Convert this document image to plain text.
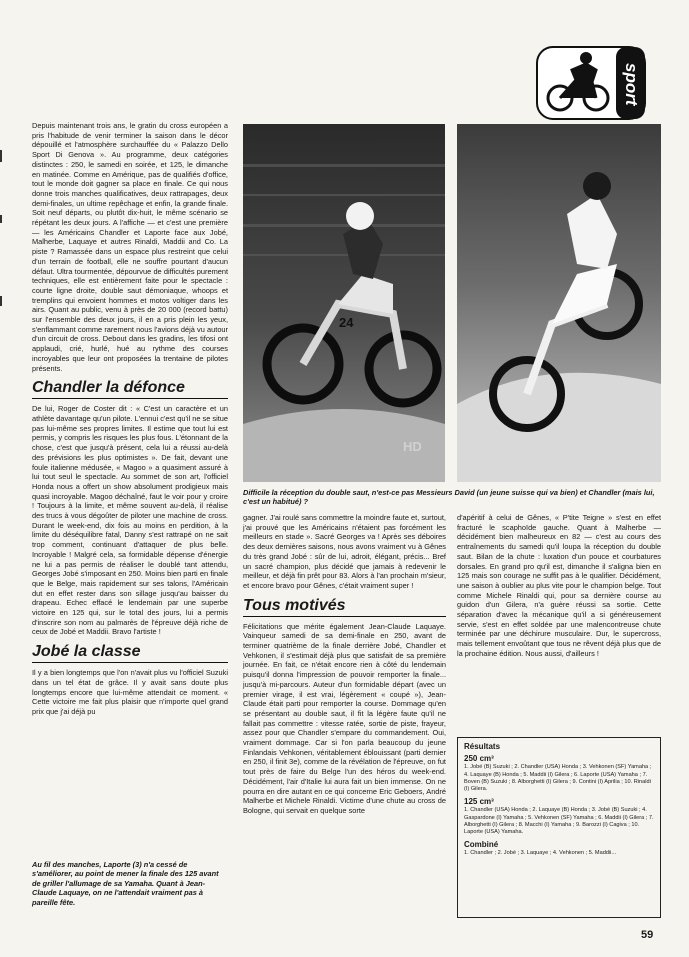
sport

Depuis maintenant trois ans, le gratin du cross européen a pris l'habitude de venir terminer la saison dans le décor dépouillé et l'atmosphère surchauffée du « Palazzo Dello Sport Di Genova ». Au programme, deux catégories distinctes : 250, le samedi en soirée, et 125, le dimanche en matinée. Comme en Amérique, pas de qualifiés d'office, tout le monde doit gagner sa place en finale. Ce qui nous donne trois manches qualificatives, deux rattrapages, deux demi-finales, un ultime repêchage et enfin, la grande finale. Soit neuf départs, ou plutôt dix-huit, le même scénario se répétant les deux jours. A l'affiche — et c'est une première — les Américains Chandler et Laporte face aux Jobé, Malherbe, Laquaye et autres Rinaldi, Maddii and Co. La piste ? Ramassée dans un espace plus restreint que celui d'un terrain de football, elle ne souffre pourtant d'aucun défaut. Ultra tourmentée, dépourvue de difficultés purement techniques, elle est entièrement faite pour le spectacle : courte ligne droite, double saut démoniaque, whoops et tremplins qui envoient hommes et motos voltiger dans les airs. Quant au public, venu à près de 20 000 (record battu) sur l'ensemble des deux jours, il en a pris plein les yeux, s'enflammant comme rarement nous l'avions déjà vu autour d'un circuit de cross. Debout dans les gradins, les tifosi ont applaudi, crié, hurlé, hué au rythme des courses incroyables que leur ont proposées la trentaine de pilotes présents.

Chandler la défonce

De lui, Roger de Coster dit : « C'est un caractère et un athlète davantage qu'un pilote. L'ennui c'est qu'il ne se situe pas lui-même ses propres limites. Il estime que tout lui est permis, y compris les risques les plus fous. L'étonnant de la chose, c'est que jusqu'à présent, cela lui a réussi au-delà des prévisions les plus optimistes ». De fait, devant une foule italienne médusée, « Magoo » a quasiment assuré à lui tout seul le spectacle. Au sommet de son art, l'officiel Honda nous a offert un show absolument prodigieux mais quasi incroyable. Magoo déchaîné, faut le voir pour y croire ! Toujours à la limite, et même souvent au-delà, il réalise des trucs à vous dégoûter de piloter une machine de cross. Durant le week-end, dix fois au moins en perdition, à la limite du déséquilibre fatal, Danny s'est rattrapé on ne sait trop comment, continuant d'attaquer de plus belle. Incroyable ! Malgré cela, sa formidable dépense d'énergie ne lui a pas permis de réaliser le doublé tant attendu, Georges Jobé s'imposant en 250. Moins bien parti en finale que le Belge, mais rapidement sur ses talons, l'Américain dut en effet rester dans son sillage jusqu'au baisser du drapeau. Echec effacé le lendemain par une superbe victoire en 125 qui, sur le total des jours, lui a permis d'inscrire son nom au palmarès de l'épreuve déjà riche de ceux de Jobé et Maddii. Bravo l'artiste !

Jobé la classe

Il y a bien longtemps que l'on n'avait plus vu l'officiel Suzuki dans un tel état de grâce. Il y avait sans doute plus longtemps encore que lui-même attendait ce moment. « Cette victoire me fait plus plaisir que n'importe quel grand prix que j'ai déjà pu

Au fil des manches, Laporte (3) n'a cessé de s'améliorer, au point de mener la finale des 125 avant de griller l'allumage de sa Yamaha. Quant à Jean-Claude Laquaye, on ne l'attendait vraiment pas à pareille fête.
24
HD
Difficile la réception du double saut, n'est-ce pas Messieurs David (un jeune suisse qui va bien) et Chandler (mais lui, c'est un habitué) ?

gagner. J'ai roulé sans commettre la moindre faute et, surtout, j'ai prouvé que les Américains n'étaient pas forcément les meilleurs en stade ». Sacré Georges va ! Après ses déboires des deux dernières saisons, nous avons vraiment vu à Gênes du très grand Jobé : sûr de lui, adroit, élégant, précis... Bref un sacré champion, plus décidé que jamais à redevenir le meilleur, et déjà fin prêt pour 83. Alors à l'an prochain m'sieur, et encore bravo pour Gênes, c'était vraiment super !

Tous motivés

Félicitations que mérite également Jean-Claude Laquaye. Vainqueur samedi de sa demi-finale en 250, avant de terminer quatrième de la finale derrière Jobé, Chandler et Vehkonen, il s'estimait déjà plus que satisfait de sa première journée. En fait, ce n'était encore rien à côté du lendemain puisqu'il donna l'impression de pouvoir remporter la finale... jusqu'à mi-parcours. Auteur d'un formidable départ (avec un premier virage, il est vrai, légèrement « coupé »), Jean-Claude était parti pour remporter la course. Dommage qu'en se présentant au double saut, il fit la légère faute qu'il ne fallait pas commettre : vitesse ratée, sortie de piste, frayeur, assez pour que Chandler s'empare du commandement. Oui, vraiment dommage. Car si l'on parla beaucoup du jeune Finlandais Vehkonen, véritablement éblouissant (parti dernier en 250, il finit 3e), comme de la révélation de l'épreuve, on fut tout près de faire du Belge l'un des héros du week-end. Décidément, l'air d'Italie lui aura fait un bien immense. On ne pourra en dire autant en ce qui concerne Eric Geboers, André Malherbe et Michele Rinaldi. Victime d'une chute au cross de Bologne, qui servait en quelque sorte

d'apéritif à celui de Gênes, « P'tite Teigne » s'est en effet fracturé le scaphoïde gauche. Quant à Malherbe — décidément bien malheureux en 82 — c'est au cours des entraînements du samedi qu'il loupa la réception du double saut. Bilan de la chute : luxation d'un pouce et courbatures dorsales. En grand pro qu'il est, dimanche il s'aligna bien en 125 mais son courage ne suffit pas à le qualifier. Décidément, une saison à oublier au plus vite pour le champion belge. Tout comme Michele Rinaldi qui, pour sa dernière course au guidon d'un Gilera, n'a guère réussi sa sortie. Cette séparation d'avec la mécanique qu'il a si généreusement servie, s'est en effet soldée par une malencontreuse chute terminée par une déchirure musculaire. Dur, le supercross, mais tellement envoûtant que tous ne rêvent déjà plus que de la prochaine édition. Nous aussi, d'ailleurs !

Résultats
250 cm³
1. Jobé (B) Suzuki ; 2. Chandler (USA) Honda ; 3. Vehkonen (SF) Yamaha ; 4. Laquaye (B) Honda ; 5. Maddii (I) Gilera ; 6. Laporte (USA) Yamaha ; 7. Boven (B) Suzuki ; 8. Alborghetti (I) Gilera ; 9. Contini (I) Aprilia ; 10. Rinaldi (I) Gilera.
125 cm³
1. Chandler (USA) Honda ; 2. Laquaye (B) Honda ; 3. Jobé (B) Suzuki ; 4. Gaspardone (I) Yamaha ; 5. Vehkonen (SF) Yamaha ; 6. Maddii (I) Gilera ; 7. Alborghetti (I) Gilera ; 8. Macchi (I) Yamaha ; 9. Barozzi (I) Cagiva ; 10. Laporte (USA) Yamaha.
Combiné
1. Chandler ; 2. Jobé ; 3. Laquaye ; 4. Vehkonen ; 5. Maddii...
59
